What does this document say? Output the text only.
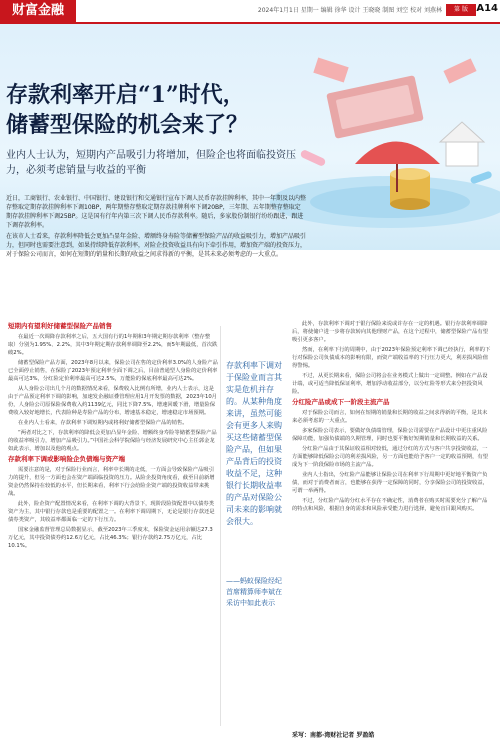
财富金融	2024年1月1日 星期一 编辑 徐华 设计 王晓晓 制图 刘空 校对 刘燕林	第 版 A14
存款利率开启“1”时代，
储蓄型保险的机会来了？
业内人士认为，短期内产品吸引力将增加，但险企也将面临投资压力，必须考虑销量与收益的平衡

近日，工商银行、农业银行、中国银行、建设银行和交通银行宣布下调人民币存款挂牌利率，其中一年期及以内整存整取定期存款挂牌利率下调10BP，两年期整存整取定期存款挂牌利率下调20BP，三年期、五年期整存整取定期存款挂牌利率下调25BP。这是国有行年内第三次下调人民币存款利率。随后，多家股份制银行纷纷跟进，跟进下调存款利率。

在该市人士看来，存款利率降低会更加凸显年金险、增额终身寿险等储蓄型保险产品的收益吸引力，增加产品吸引力，但同时也需要注意到，如果持续降低存款利率，对险企投资收益具有向下牵引作用，增加资产端的投资压力，对于保险公司而言，如何在短期的销量和长期的收益之间求得新的平衡，是其未来必须考虑的一大重点。

短期内有望利好储蓄型保险产品销售

在最近一次调降存款利率之后，五大国有行的1年期和3年期定期存款利率（整存整取）分别为1.95%、2.2%，其中3年期定期存款利率调降至2.2%，而5年期最低，首次跌破2%。

储蓄型保险产品方面，2023年8月以来，保险公司在售的定价利率3.0%的人身险产品已全面停止销售，在保险了2023年预定利率全面下调之后，目前普通型人身险的定价利率最高可达3%，分红险定价利率最高可达2.5%，万能险的保底利率最高可达2%。

从人身险公司出几个月的数据情况来看，保费收入比例有所增，业内人士表示，这是由于产品预定利率下调的影响，加速发企融证叠管理应用1月开发票的数据，2023年10月份，人身险公司原保险保费收入约1139亿元，同比下降7.5%，增速回暖下滑，增量险保费收入较好地增长，代表险种是寿险产品的分布，增速基本稳定，增速稳定市场预期。

在业内人士看来，存款利率下调短期内或将利好储蓄型保险产品的销售。

“两者对比之下，存款利率的降低会更加凸显年金险、增额终身寿险等储蓄型保险产品的收益率吸引力，增加产品吸引力。”中国社会科学院保险与经济发展研究中心主任郭金龙如此表示，增加以及他的观点。

存款利率下调或影响险企负债端与资产端

需要注意的是，对于保险行业而言，利率中长期的走低，一方面会导致保险产品吸引力的提升，但另一方面也会在资产端面临投资的压力。从险企投资角度看，截至目前新增资金仍然保持在较低的水平，但长期来看，利率下行会给险企资产端的投资收益带来挑战。

此外，险企资产配置情况来看，在利率下调的大背景下，现阶段险资配置中以债券类资产为主，其中银行存款也是重要的配置之一。在利率下调周期下，无论是银行存款还是债券类资产，其收益率都面临一定的下行压力。

国家金融监督管理总局数据显示，截至2023年三季度末，保险资金运用余额达27.3万亿元，其中投资债券约12.6万亿元，占比46.3%；银行存款约2.75万亿元，占比10.1%。

存款利率下调对于保险业而言其实是危机并存的。从某种角度来讲，虽然可能会有更多人来购买这些储蓄型保险产品，但如果产品背后的投资收益不足，这种银行长期收益率的产品对保险公司未来的影响就会很大。
——蚂蚁保险经纪首席精算师李斌在采访中如此表示

此外，存款利率下调对于银行保险来说或许存在一定的机遇。银行存款利率调降后，将使储户进一步将存款转向其他理财产品，在这个过程中，储蓄型保险产品有望吸引更多客户。

然而，在利率下行的周期中，由于2023年保险预定利率下调已经执行，利率的下行对保险公司负债成本的影响有限，而资产端收益率的下行压力更大，利差损风险值得警惕。

不过，从更长期来看，保险公司将会在业务模式上做出一定调整。例如在产品设计端，或可适当降低保证利率，增加浮动收益部分，以分红险等形式来分担投资风险。

分红险产品或成下一阶段主流产品

对于保险公司而言，如何在短期的销量和长期的收益之间求得新的平衡，是其未来必须考虑的一大重点。

多家保险公司表示，要做好负债端管理，保险公司需要在产品设计中更注重风险保障功能，加强负债端的久期管理，同时也要平衡好短期销量和长期收益的关系。

分红险产品由于其保证收益相对较低，通过分红的方式与客户共享投资收益，一方面能够降低保险公司的利差损风险，另一方面也能给予客户一定的收益预期，有望成为下一阶段保险市场的主流产品。

业内人士指出，分红险产品能够让保险公司在利率下行周期中更好地平衡资产负债，而对于消费者而言，也能够在获得一定保障的同时，分享保险公司的投资收益，可谓一举两得。

不过，分红险产品的分红水平存在不确定性，消费者在购买时需要充分了解产品的特点和风险，根据自身的需求和风险承受能力进行选择，避免盲目跟风购买。

采写：南都·湾财社记者 罗盈皓
